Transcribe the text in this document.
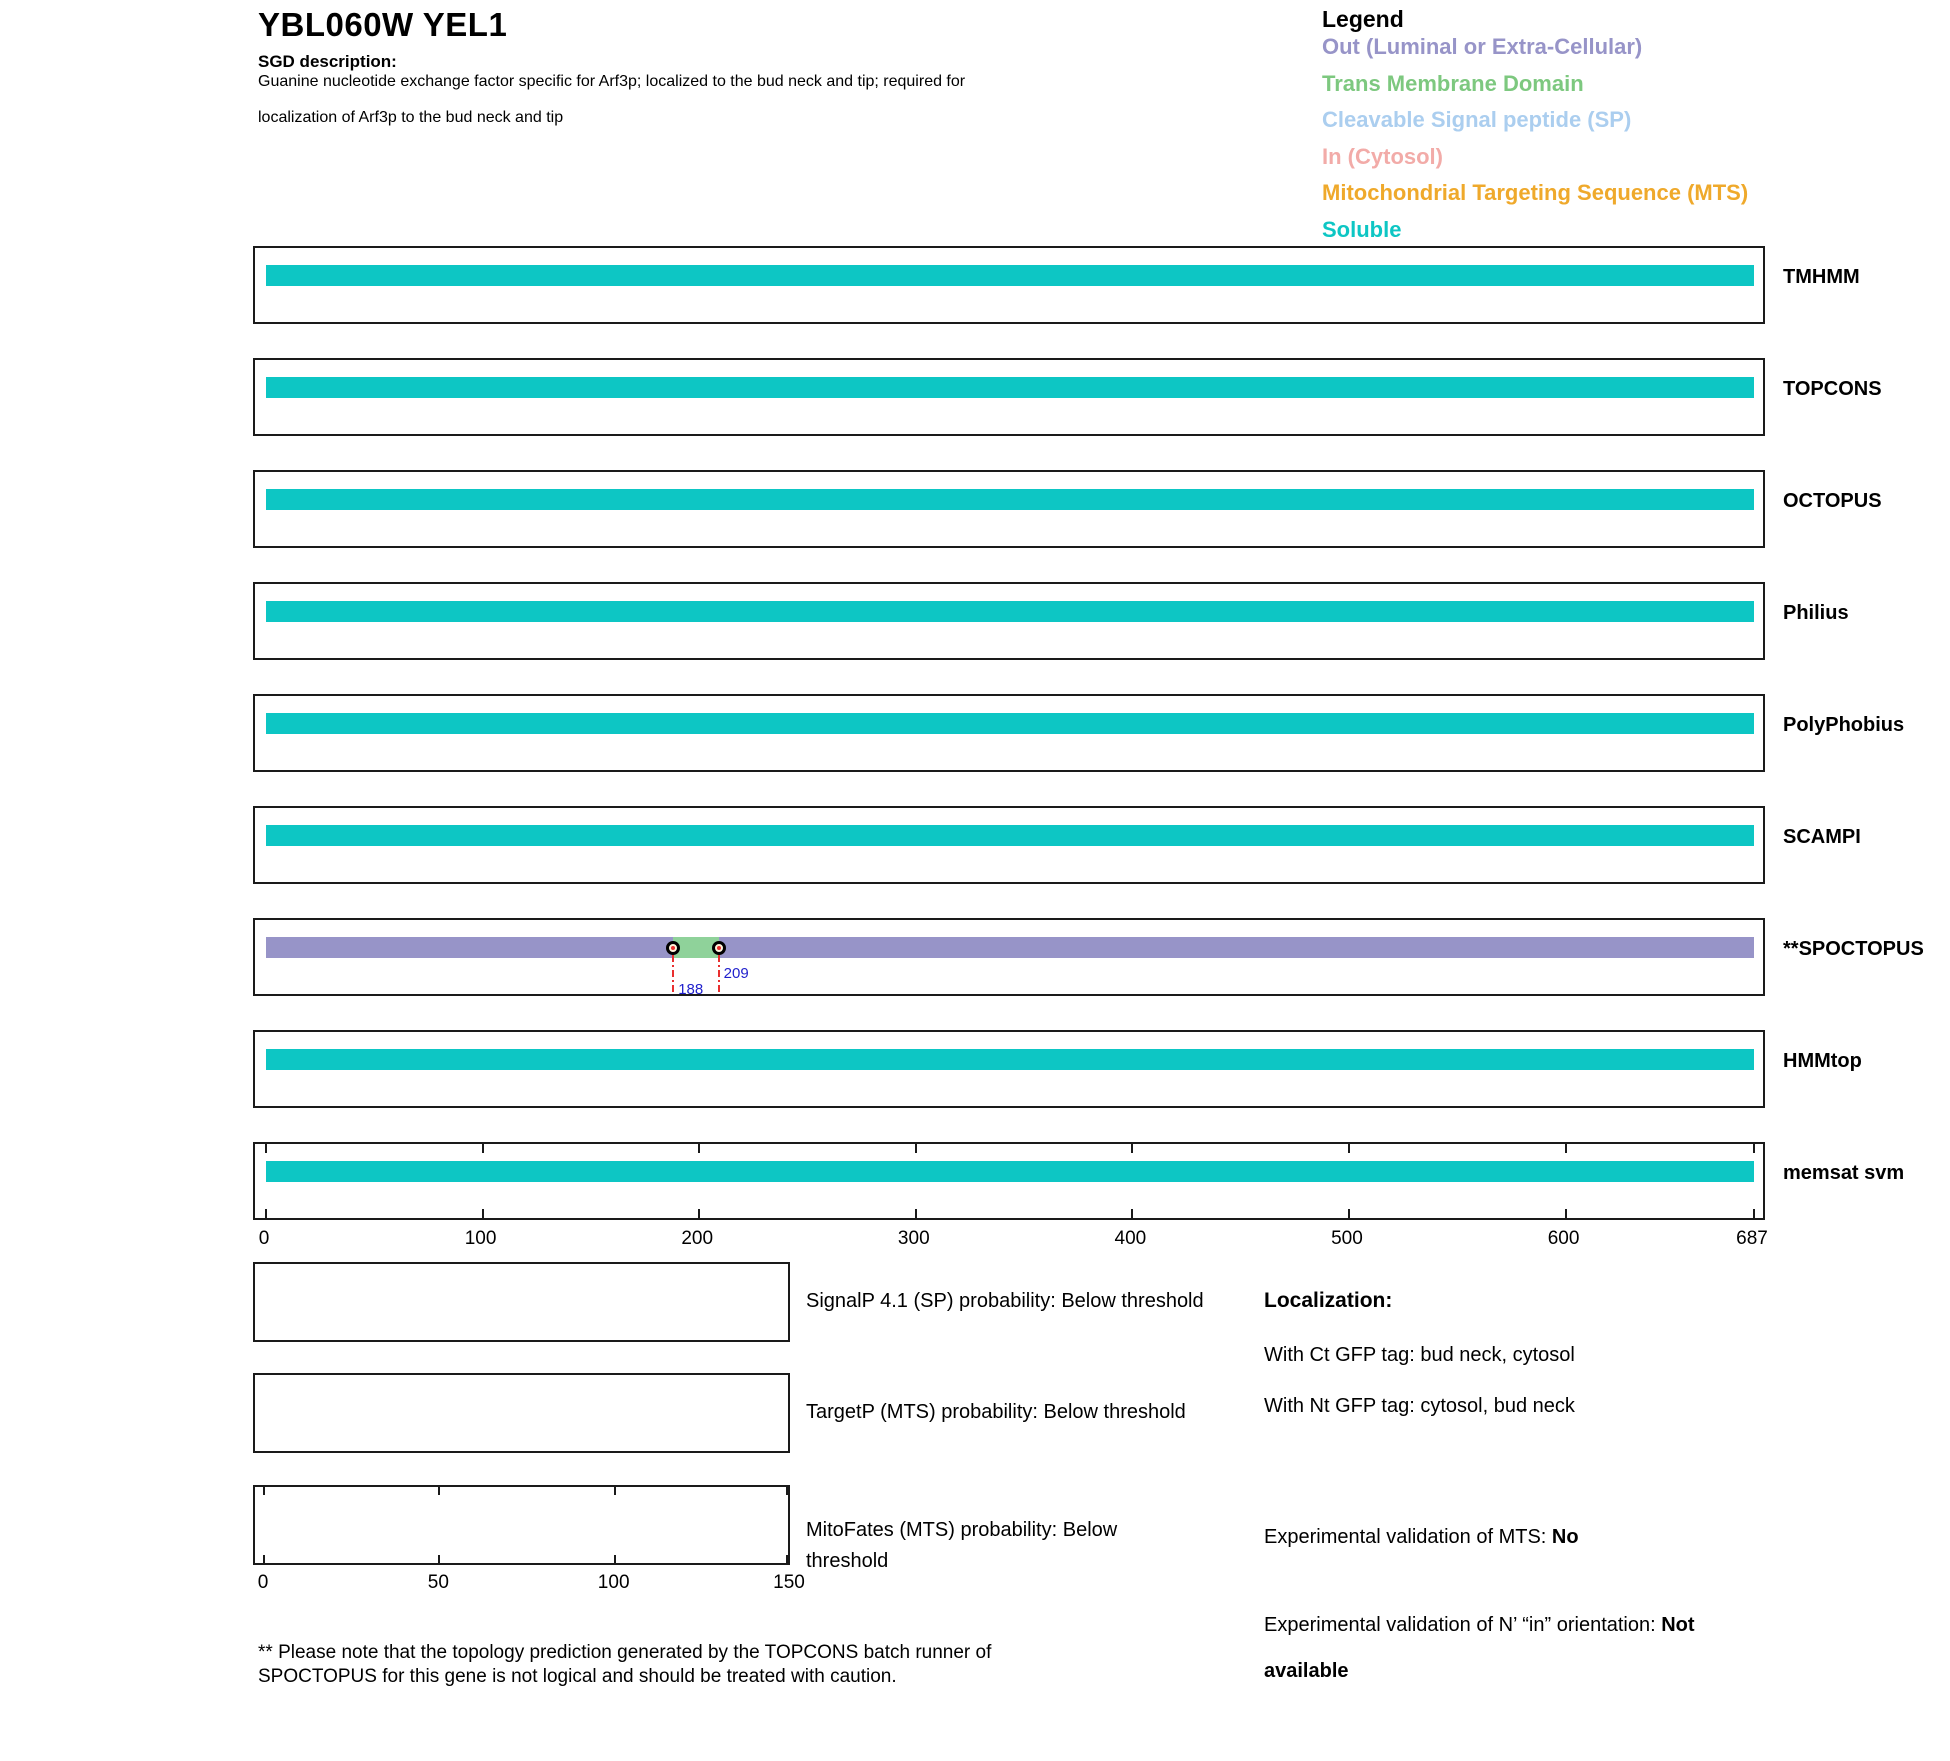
YBL060W YEL1
SGD description:
Guanine nucleotide exchange factor specific for Arf3p; localized to the bud neck and tip; required for
localization of Arf3p to the bud neck and tip
Legend
Out (Luminal or Extra-Cellular)
Trans Membrane Domain
Cleavable Signal peptide (SP)
In (Cytosol)
Mitochondrial Targeting Sequence (MTS)
Soluble
TMHMM
TOPCONS
OCTOPUS
Philius
PolyPhobius
SCAMPI
188
209
**SPOCTOPUS
HMMtop
memsat svm
0	100	200	300	400	500	600	687
SignalP 4.1 (SP) probability: Below threshold
TargetP (MTS) probability: Below threshold
MitoFates (MTS) probability: Below
threshold
0	50	100	150
Localization:
With Ct GFP tag: bud neck, cytosol
With Nt GFP tag: cytosol, bud neck
Experimental validation of MTS: No
Experimental validation of N’ “in” orientation: Not
available
** Please note that the topology prediction generated by the TOPCONS batch runner of
SPOCTOPUS for this gene is not logical and should be treated with caution.
